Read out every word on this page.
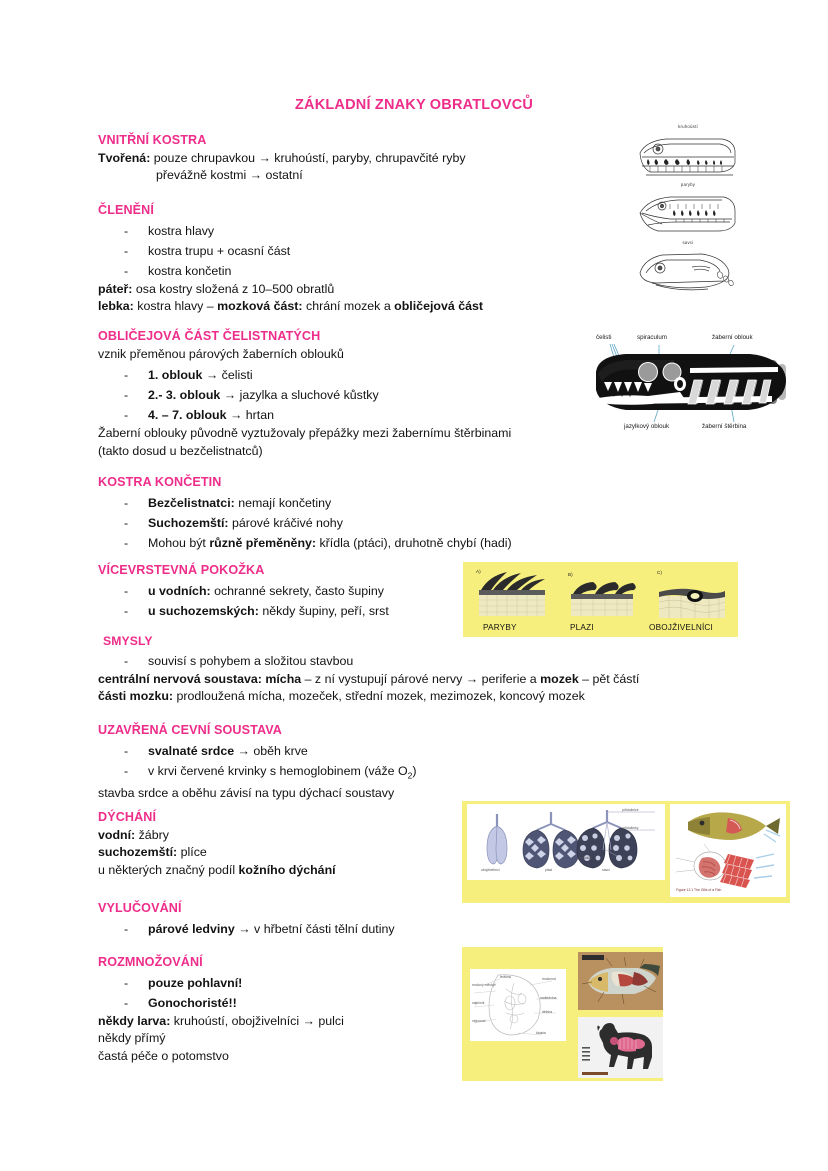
ZÁKLADNÍ ZNAKY OBRATLOVCŮ
VNITŘNÍ KOSTRA
Tvořená: pouze chrupavkou → kruhoústí, paryby, chrupavčité ryby
převážně kostmi → ostatní
ČLENĚNÍ
- kostra hlavy
- kostra trupu + ocasní část
- kostra končetin
páteř: osa kostry složená z 10–500 obratlů
lebka: kostra hlavy – mozková část: chrání mozek a obličejová část
OBLIČEJOVÁ ČÁST ČELISTNATÝCH
vznik přeměnou párových žaberních oblouků
- 1. oblouk → čelisti
- 2.- 3. oblouk → jazylka a sluchové kůstky
- 4. – 7. oblouk → hrtan
Žaberní oblouky původně vyztužovaly přepážky mezi žabernímu štěrbinami
(takto dosud u bezčelistnatců)
KOSTRA KONČETIN
- Bezčelistnatci: nemají končetiny
- Suchozemští: párové kráčivé nohy
- Mohou být různě přeměněny: křídla (ptáci), druhotně chybí (hadi)
VÍCEVRSTEVNÁ POKOŽKA
- u vodních: ochranné sekrety, často šupiny
- u suchozemských: někdy šupiny, peří, srst
SMYSLY
- souvisí s pohybem a složitou stavbou
centrální nervová soustava: mícha – z ní vystupují párové nervy → periferie a mozek – pět částí
části mozku: prodloužená mícha, mozeček, střední mozek, mezimozek, koncový mozek
UZAVŘENÁ CEVNÍ SOUSTAVA
- svalnaté srdce → oběh krve
- v krvi červené krvinky s hemoglobinem (váže $O_2$)
stavba srdce a oběhu závisí na typu dýchací soustavy
DÝCHÁNÍ
vodní: žábry
suchozemští: plíce
u některých značný podíl kožního dýchání
VYLUČOVÁNÍ
- párové ledviny → v hřbetní části tělní dutiny
ROZMNOŽOVÁNÍ
- pouze pohlavní!
- Gonochoristé!!
někdy larva: kruhoústí, obojživelníci → pulci
někdy přímý
častá péče o potomstvo
kruhoústí
paryby
savci
čelisti	spiraculum	žaberní oblouk
jazylkový oblouk	žaberní štěrbina
A)
B)	C)
PARYBY	PLAZI	OBOJŽIVELNÍCI
průdušnice
průdušinky
průdušky
obojživelníci	ptáci	savci
Figure 12.1 The Gills of a Fish
močový měchýř
vaječník
vejcovod
ledvina	močovod
nadledvina
děloha
kloaka
